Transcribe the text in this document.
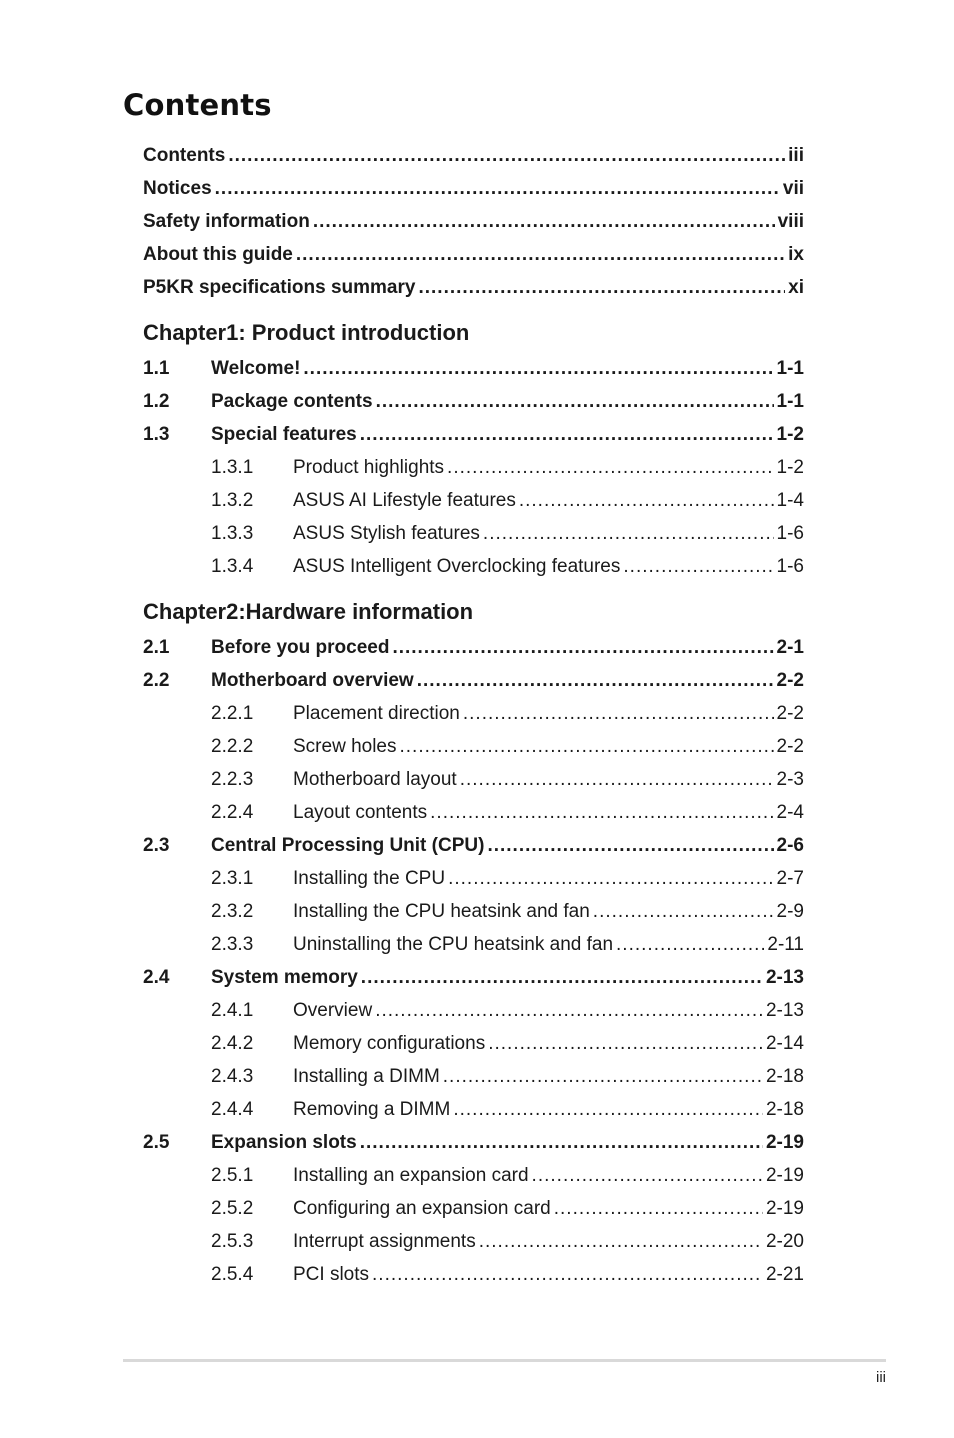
Contents
Contents .....	iii
Notices .....	vii
Safety information .....	viii
About this guide .....	ix
P5KR specifications summary .....	xi
Chapter1: Product introduction
1.1	Welcome! .....	1-1
1.2	Package contents .....	1-1
1.3	Special features .....	1-2
1.3.1	Product highlights .....	1-2
1.3.2	ASUS AI Lifestyle features .....	1-4
1.3.3	ASUS Stylish features .....	1-6
1.3.4	ASUS Intelligent Overclocking features .....	1-6
Chapter2:Hardware information
2.1	Before you proceed .....	2-1
2.2	Motherboard overview .....	2-2
2.2.1	Placement direction .....	2-2
2.2.2	Screw holes .....	2-2
2.2.3	Motherboard layout .....	2-3
2.2.4	Layout contents .....	2-4
2.3	Central Processing Unit (CPU) .....	2-6
2.3.1	Installing the CPU .....	2-7
2.3.2	Installing the CPU heatsink and fan .....	2-9
2.3.3	Uninstalling the CPU heatsink and fan .....	2-11
2.4	System memory .....	2-13
2.4.1	Overview .....	2-13
2.4.2	Memory configurations .....	2-14
2.4.3	Installing a DIMM .....	2-18
2.4.4	Removing a DIMM .....	2-18
2.5	Expansion slots .....	2-19
2.5.1	Installing an expansion card .....	2-19
2.5.2	Configuring an expansion card .....	2-19
2.5.3	Interrupt assignments .....	2-20
2.5.4	PCI slots .....	2-21
iii
